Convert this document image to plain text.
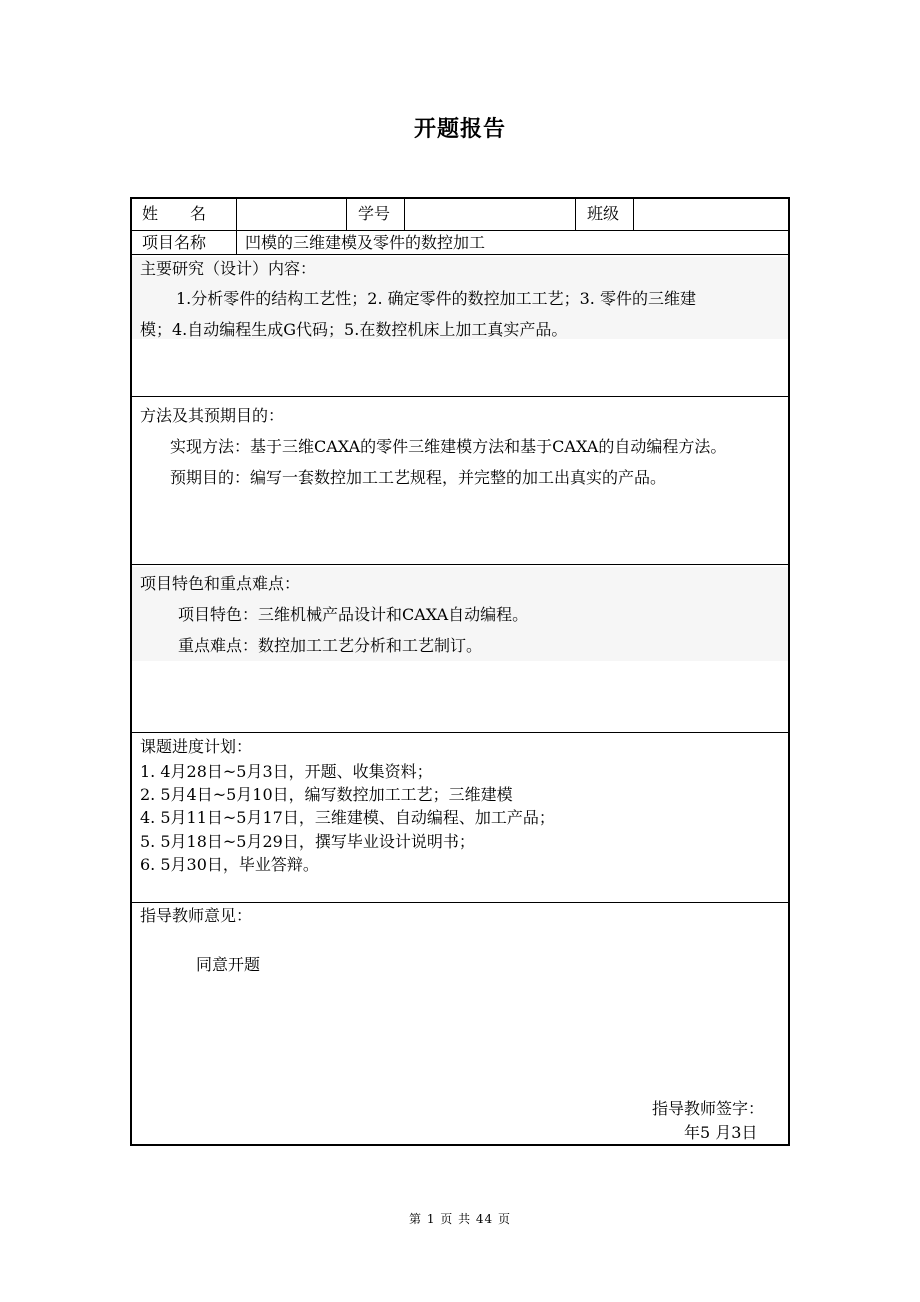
开题报告
姓　　名	学号	班级
项目名称 凹模的三维建模及零件的数控加工
主要研究（设计）内容：
1.分析零件的结构工艺性；2. 确定零件的数控加工工艺；3. 零件的三维建
模；4.自动编程生成G代码；5.在数控机床上加工真实产品。
方法及其预期目的：
实现方法：基于三维CAXA的零件三维建模方法和基于CAXA的自动编程方法。
预期目的：编写一套数控加工工艺规程，并完整的加工出真实的产品。
项目特色和重点难点：
项目特色：三维机械产品设计和CAXA自动编程。
重点难点：数控加工工艺分析和工艺制订。
课题进度计划：
1. 4月28日~5月3日，开题、收集资料；
2. 5月4日~5月10日，编写数控加工工艺；三维建模
4. 5月11日~5月17日，三维建模、自动编程、加工产品；
5. 5月18日~5月29日，撰写毕业设计说明书；
6. 5月30日，毕业答辩。
指导教师意见：
同意开题
指导教师签字：
年5 月3日
第 1 页 共 44 页
